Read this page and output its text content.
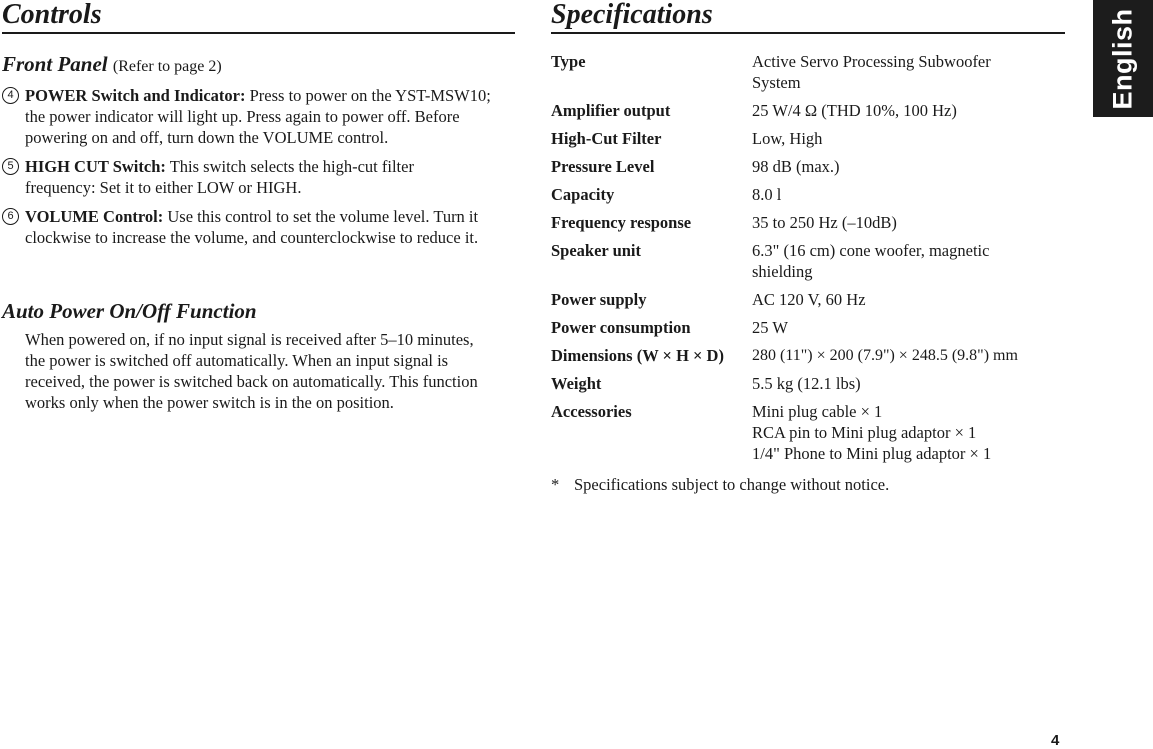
Controls
Front Panel (Refer to page 2)
4 POWER Switch and Indicator: Press to power on the YST-MSW10; the power indicator will light up. Press again to power off. Before powering on and off, turn down the VOLUME control.
5 HIGH CUT Switch: This switch selects the high-cut filter frequency: Set it to either LOW or HIGH.
6 VOLUME Control: Use this control to set the volume level. Turn it clockwise to increase the volume, and counterclockwise to reduce it.
Auto Power On/Off Function
When powered on, if no input signal is received after 5–10 minutes, the power is switched off automatically. When an input signal is received, the power is switched back on automatically. This function works only when the power switch is in the on position.
Specifications
Type	Active Servo Processing Subwoofer System
Amplifier output	25 W/4 Ω (THD 10%, 100 Hz)
High-Cut Filter	Low, High
Pressure Level	98 dB (max.)
Capacity	8.0 l
Frequency response	35 to 250 Hz (–10dB)
Speaker unit	6.3" (16 cm) cone woofer, magnetic shielding
Power supply	AC 120 V, 60 Hz
Power consumption	25 W
Dimensions (W × H × D)	280 (11") × 200 (7.9") × 248.5 (9.8") mm
Weight	5.5 kg (12.1 lbs)
Accessories	Mini plug cable × 1
RCA pin to Mini plug adaptor × 1
1/4" Phone to Mini plug adaptor × 1
* Specifications subject to change without notice.
English
4
